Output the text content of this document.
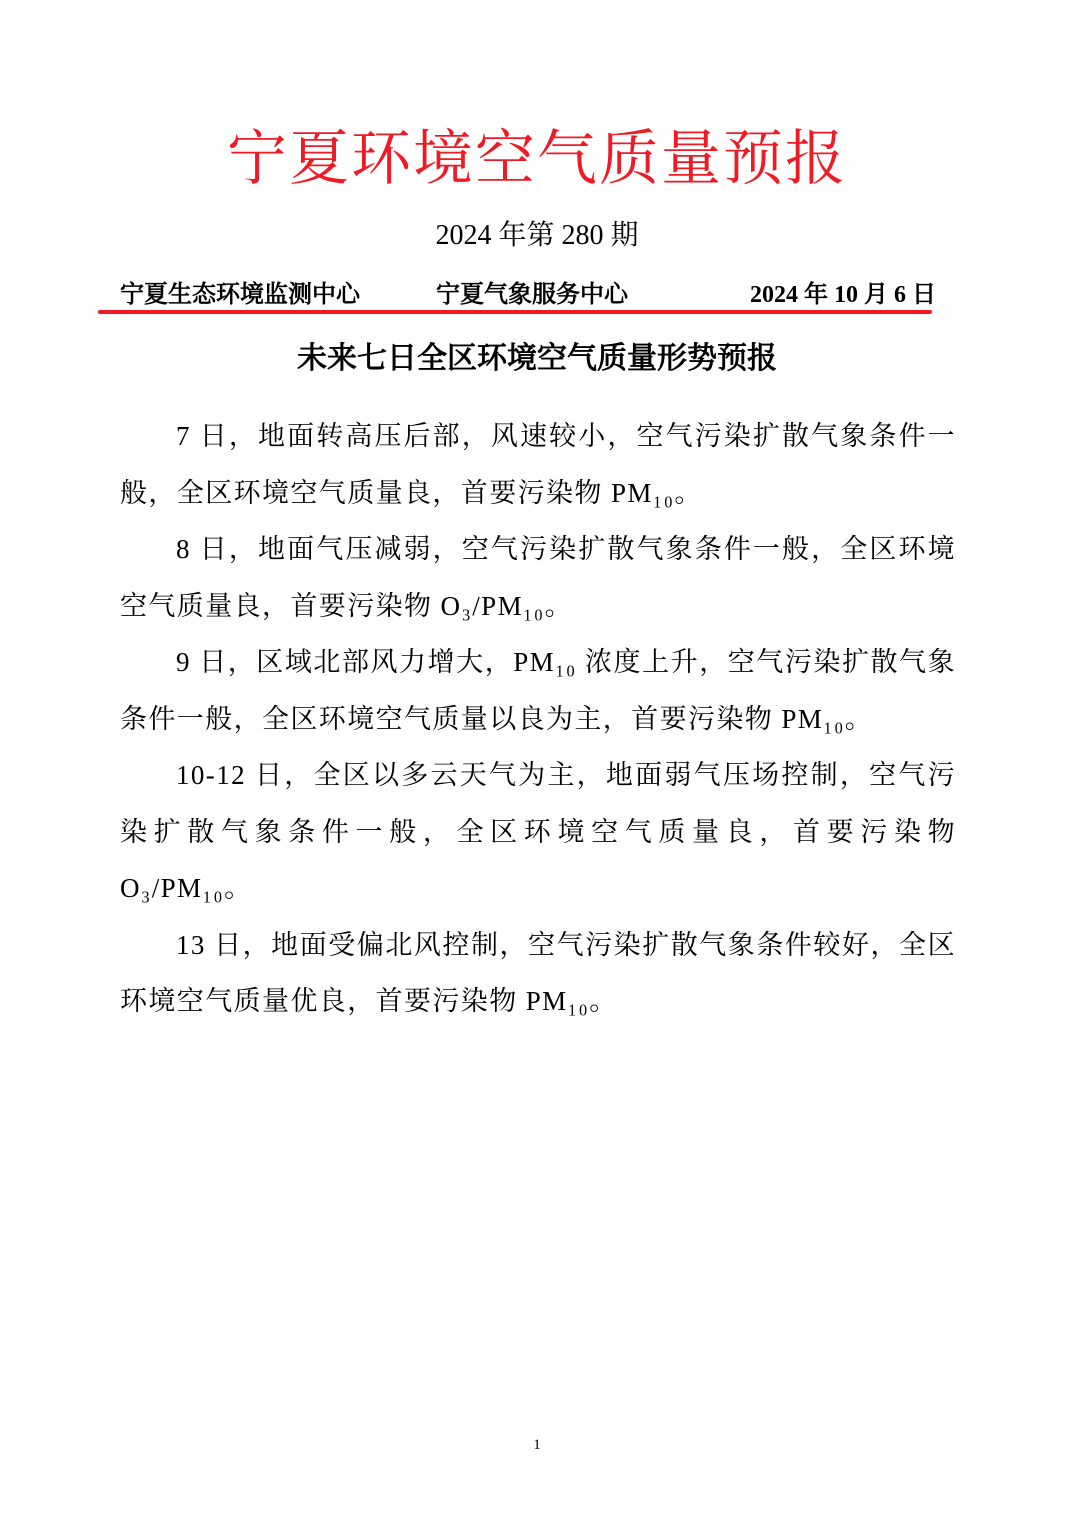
宁夏环境空气质量预报
2024 年第 280 期
宁夏生态环境监测中心	宁夏气象服务中心	2024 年 10 月 6 日
未来七日全区环境空气质量形势预报

7 日，地面转高压后部，风速较小，空气污染扩散气象条件一般，全区环境空气质量良，首要污染物 PM₁₀。

8 日，地面气压减弱，空气污染扩散气象条件一般，全区环境空气质量良，首要污染物 O₃/PM₁₀。

9 日，区域北部风力增大，PM₁₀ 浓度上升，空气污染扩散气象条件一般，全区环境空气质量以良为主，首要污染物 PM₁₀。

10-12 日，全区以多云天气为主，地面弱气压场控制，空气污染扩散气象条件一般，全区环境空气质量良，首要污染物 O₃/PM₁₀。

13 日，地面受偏北风控制，空气污染扩散气象条件较好，全区环境空气质量优良，首要污染物 PM₁₀。

1
